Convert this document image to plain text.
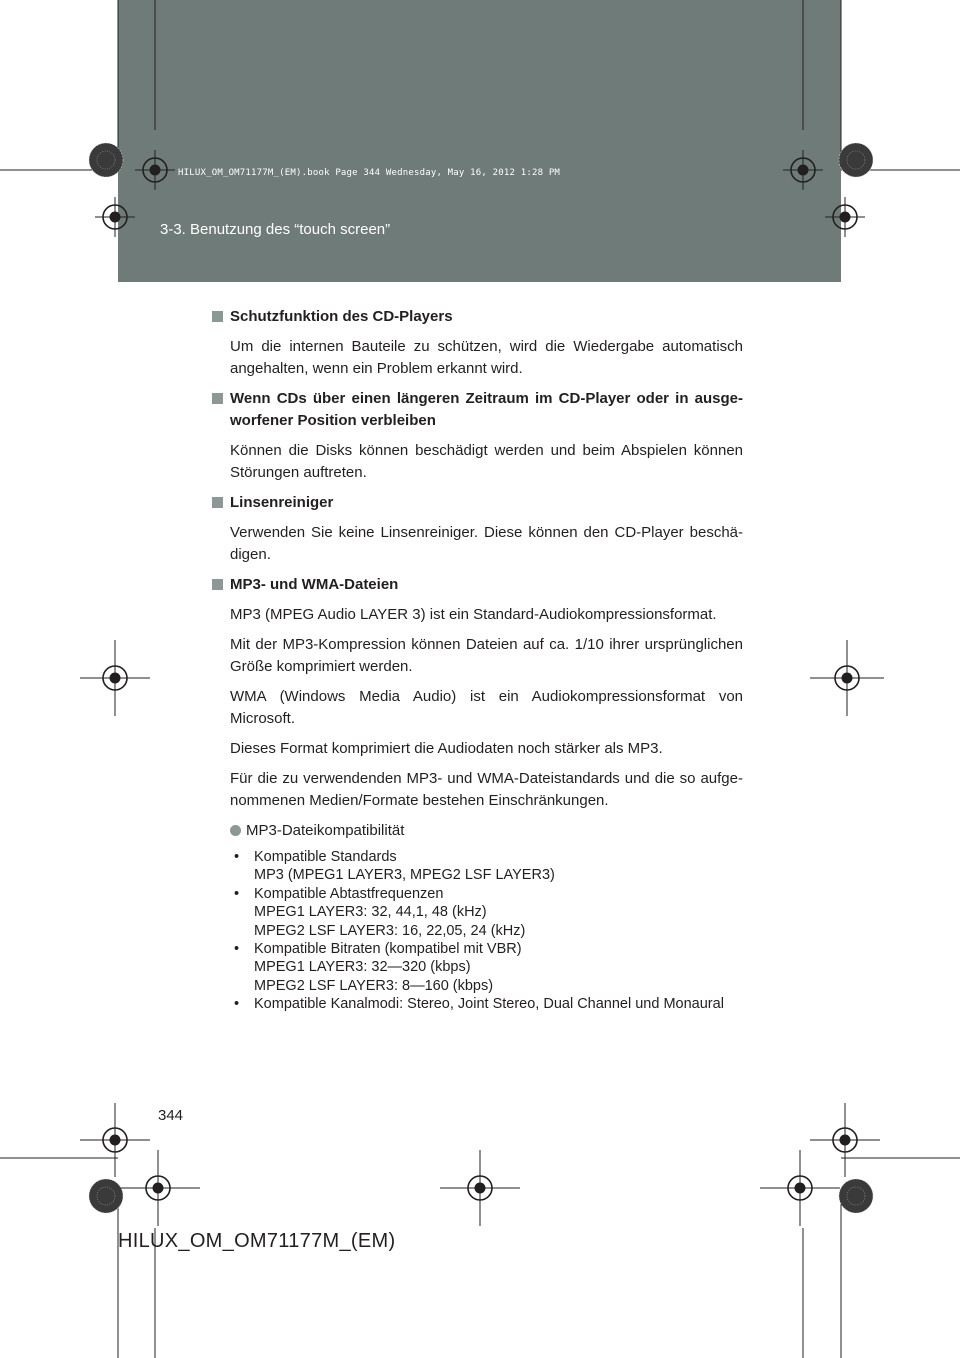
HILUX_OM_OM71177M_(EM).book Page 344 Wednesday, May 16, 2012 1:28 PM
3-3. Benutzung des “touch screen”
Schutzfunktion des CD-Players
Um die internen Bauteile zu schützen, wird die Wiedergabe automatisch angehalten, wenn ein Problem erkannt wird.
Wenn CDs über einen längeren Zeitraum im CD-Player oder in ausgeworfener Position verbleiben
Können die Disks können beschädigt werden und beim Abspielen können Störungen auftreten.
Linsenreiniger
Verwenden Sie keine Linsenreiniger. Diese können den CD-Player beschädigen.
MP3- und WMA-Dateien
MP3 (MPEG Audio LAYER 3) ist ein Standard-Audiokompressionsformat.
Mit der MP3-Kompression können Dateien auf ca. 1/10 ihrer ursprünglichen Größe komprimiert werden.
WMA (Windows Media Audio) ist ein Audiokompressionsformat von Microsoft.
Dieses Format komprimiert die Audiodaten noch stärker als MP3.
Für die zu verwendenden MP3- und WMA-Dateistandards und die so aufgenommenen Medien/Formate bestehen Einschränkungen.
MP3-Dateikompatibilität
• Kompatible Standards
MP3 (MPEG1 LAYER3, MPEG2 LSF LAYER3)
• Kompatible Abtastfrequenzen
MPEG1 LAYER3: 32, 44,1, 48 (kHz)
MPEG2 LSF LAYER3: 16, 22,05, 24 (kHz)
• Kompatible Bitraten (kompatibel mit VBR)
MPEG1 LAYER3: 32—320 (kbps)
MPEG2 LSF LAYER3: 8—160 (kbps)
• Kompatible Kanalmodi: Stereo, Joint Stereo, Dual Channel und Monaural
344
HILUX_OM_OM71177M_(EM)
